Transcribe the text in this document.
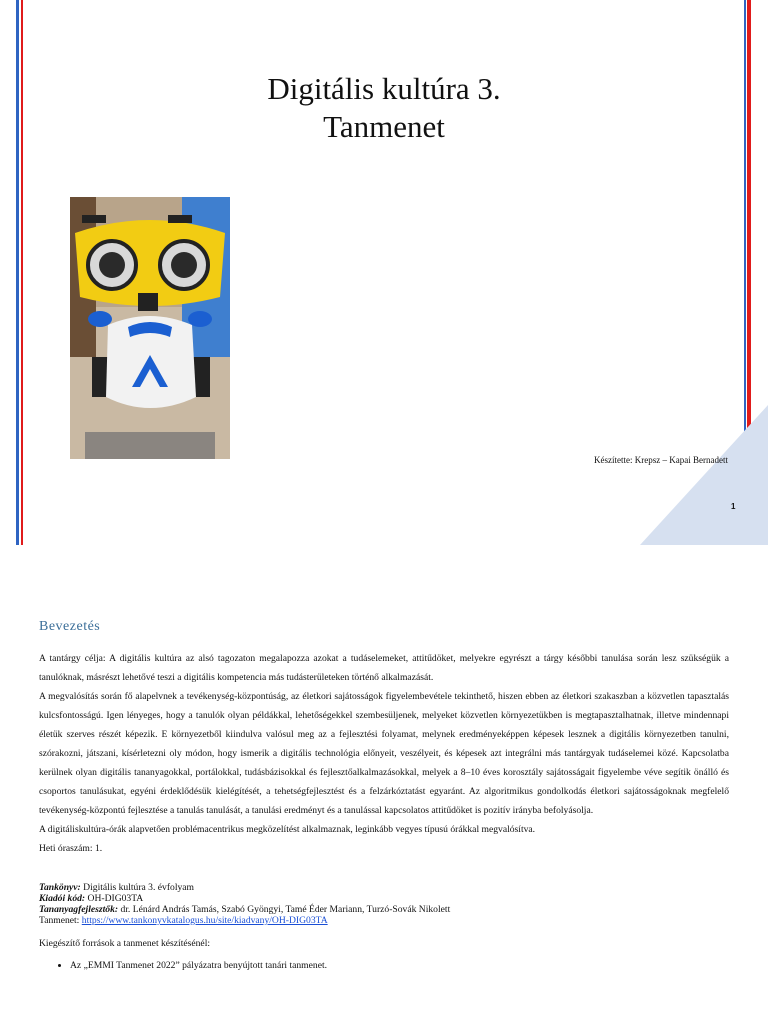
Digitális kultúra 3.
Tanmenet
Készítette: Krepsz – Kapai Bernadett
1
Bevezetés

A tantárgy célja: A digitális kultúra az alsó tagozaton megalapozza azokat a tudáselemeket, attitűdöket, melyekre egyrészt a tárgy későbbi tanulása során lesz szükségük a tanulóknak, másrészt lehetővé teszi a digitális kompetencia más tudásterületeken történő alkalmazását.

A megvalósítás során fő alapelvnek a tevékenység-központúság, az életkori sajátosságok figyelembevétele tekinthető, hiszen ebben az életkori szakaszban a közvetlen tapasztalás kulcsfontosságú. Igen lényeges, hogy a tanulók olyan példákkal, lehetőségekkel szembesüljenek, melyeket közvetlen környezetükben is megtapasztalhatnak, illetve mindennapi életük szerves részét képezik. E környezetből kiindulva valósul meg az a fejlesztési folyamat, melynek eredményeképpen képesek lesznek a digitális környezetben tanulni, szórakozni, játszani, kísérletezni oly módon, hogy ismerik a digitális technológia előnyeit, veszélyeit, és képesek azt integrálni más tantárgyak tudáselemei közé. Kapcsolatba kerülnek olyan digitális tananyagokkal, portálokkal, tudásbázisokkal és fejlesztőalkalmazásokkal, melyek a 8–10 éves korosztály sajátosságait figyelembe véve segítik önálló és csoportos tanulásukat, egyéni érdeklődésük kielégítését, a tehetségfejlesztést és a felzárkóztatást egyaránt. Az algoritmikus gondolkodás életkori sajátosságoknak megfelelő tevékenység-központú fejlesztése a tanulás tanulását, a tanulási eredményt és a tanulással kapcsolatos attitűdöket is pozitív irányba befolyásolja.

A digitáliskultúra-órák alapvetően problémacentrikus megközelítést alkalmaznak, leginkább vegyes típusú órákkal megvalósítva.

Heti óraszám: 1.

Tankönyv: Digitális kultúra 3. évfolyam
Kiadói kód: OH-DIG03TA
Tananyagfejlesztők: dr. Lénárd András Tamás, Szabó Gyöngyi, Tamé Éder Mariann, Turzó-Sovák Nikolett
Tanmenet: https://www.tankonyvkatalogus.hu/site/kiadvany/OH-DIG03TA
Kiegészítő források a tanmenet készítésénél:
• Az „EMMI Tanmenet 2022” pályázatra benyújtott tanári tanmenet.
